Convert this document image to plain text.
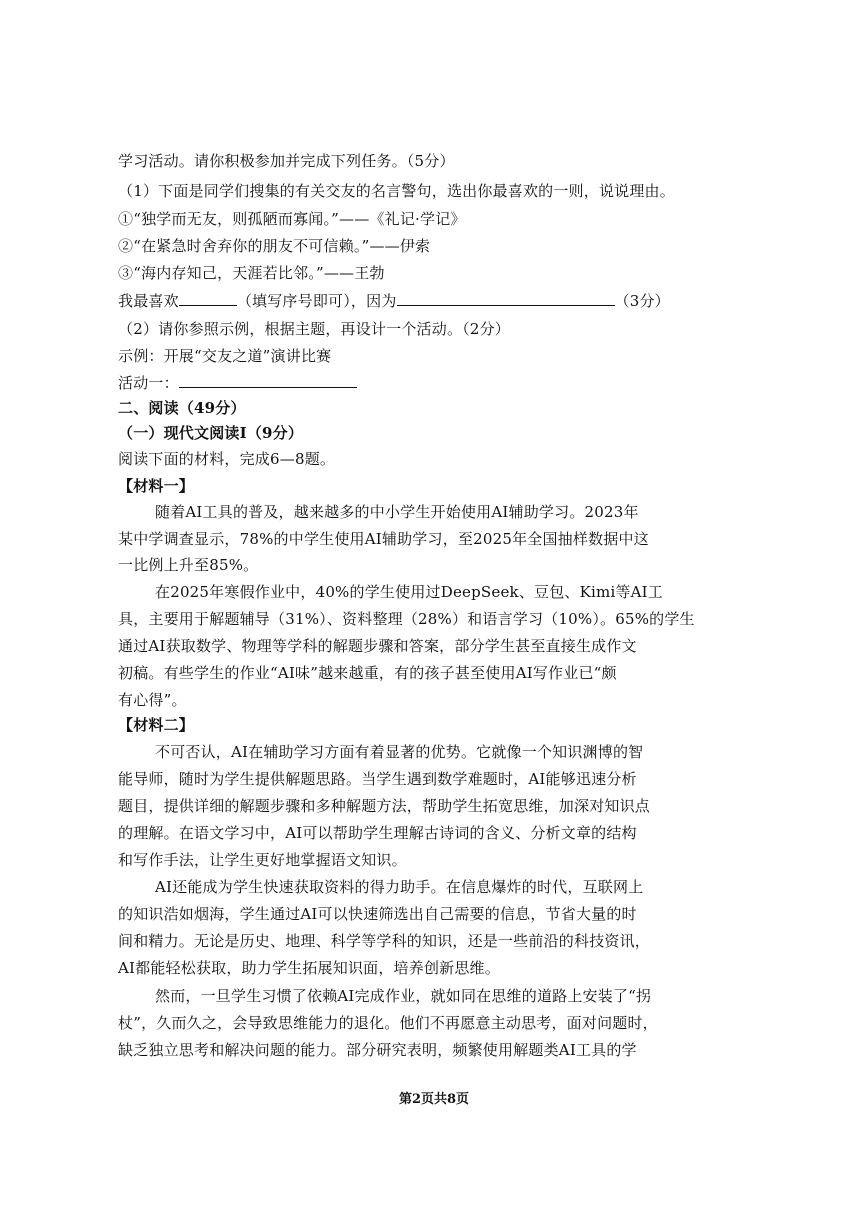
学习活动。请你积极参加并完成下列任务。（5分）
（1）下面是同学们搜集的有关交友的名言警句，选出你最喜欢的一则，说说理由。
①“独学而无友，则孤陋而寡闻。”——《礼记·学记》
②“在紧急时舍弃你的朋友不可信赖。”——伊索
③“海内存知己，天涯若比邻。”——王勃
我最喜欢	（填写序号即可），因为	（3分）
（2）请你参照示例，根据主题，再设计一个活动。（2分）
示例：开展“交友之道”演讲比赛
活动一：
二、阅读（49分）
（一）现代文阅读Ⅰ（9分）
阅读下面的材料，完成6—8题。
【材料一】
随着AI工具的普及，越来越多的中小学生开始使用AI辅助学习。2023年
某中学调查显示，78%的中学生使用AI辅助学习，至2025年全国抽样数据中这
一比例上升至85%。
在2025年寒假作业中，40%的学生使用过DeepSeek、豆包、Kimi等AI工
具，主要用于解题辅导（31%）、资料整理（28%）和语言学习（10%）。65%的学生
通过AI获取数学、物理等学科的解题步骤和答案，部分学生甚至直接生成作文
初稿。有些学生的作业“AI味”越来越重，有的孩子甚至使用AI写作业已“颇
有心得”。
【材料二】
不可否认，AI在辅助学习方面有着显著的优势。它就像一个知识渊博的智
能导师，随时为学生提供解题思路。当学生遇到数学难题时，AI能够迅速分析
题目，提供详细的解题步骤和多种解题方法，帮助学生拓宽思维，加深对知识点
的理解。在语文学习中，AI可以帮助学生理解古诗词的含义、分析文章的结构
和写作手法，让学生更好地掌握语文知识。
AI还能成为学生快速获取资料的得力助手。在信息爆炸的时代，互联网上
的知识浩如烟海，学生通过AI可以快速筛选出自己需要的信息，节省大量的时
间和精力。无论是历史、地理、科学等学科的知识，还是一些前沿的科技资讯，
AI都能轻松获取，助力学生拓展知识面，培养创新思维。
然而，一旦学生习惯了依赖AI完成作业，就如同在思维的道路上安装了“拐
杖”，久而久之，会导致思维能力的退化。他们不再愿意主动思考，面对问题时，
缺乏独立思考和解决问题的能力。部分研究表明，频繁使用解题类AI工具的学
第2页共8页
